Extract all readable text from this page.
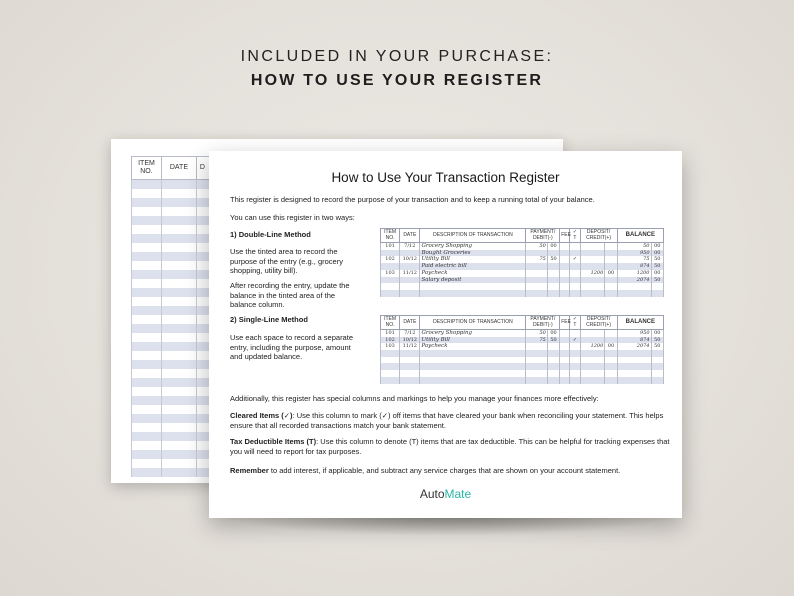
INCLUDED IN YOUR PURCHASE:
HOW TO USE YOUR REGISTER
ITEM NO.	DATE	D

How to Use Your Transaction Register
This register is designed to record the purpose of your transaction and to keep a running total of your balance.
You can use this register in two ways:
1) Double-Line Method
Use the tinted area to record the purpose of the entry (e.g., grocery shopping, utility bill).
After recording the entry, update the balance in the tinted area of the balance column.
ITEM NO.	DATE	DESCRIPTION OF TRANSACTION	PAYMENT/ DEBIT(-)		FEE	✓ T	DEPOSIT/ CREDIT(+)		BALANCE	
101	7/12	Grocery Shopping	50	00					50	00
		Bought Groceries							950	00
102	10/12	Utility Bill	75	50		✓			75	50
		Paid electric bill							874	50
103	11/12	Paycheck					1200	00	1200	00
		Salary deposit							2074	50

2) Single-Line Method
Use each space to record a separate entry, including the purpose, amount and updated balance.
ITEM NO.	DATE	DESCRIPTION OF TRANSACTION	PAYMENT/ DEBIT(-)		FEE	✓ T	DEPOSIT/ CREDIT(+)		BALANCE	
101	7/12	Grocery Shopping	50	00					950	00
102	10/12	Utility Bill	75	50		✓			874	50
103	11/12	Paycheck					1200	00	2074	50

Additionally, this register has special columns and markings to help you manage your finances more effectively:
Cleared Items (✓): Use this column to mark (✓) off items that have cleared your bank when reconciling your statement. This helps ensure that all recorded transactions match your bank statement.
Tax Deductible Items (T): Use this column to denote (T) items that are tax deductible. This can be helpful for tracking expenses that you will need to report for tax purposes.
Remember to add interest, if applicable, and subtract any service charges that are shown on your account statement.
AutoMate
